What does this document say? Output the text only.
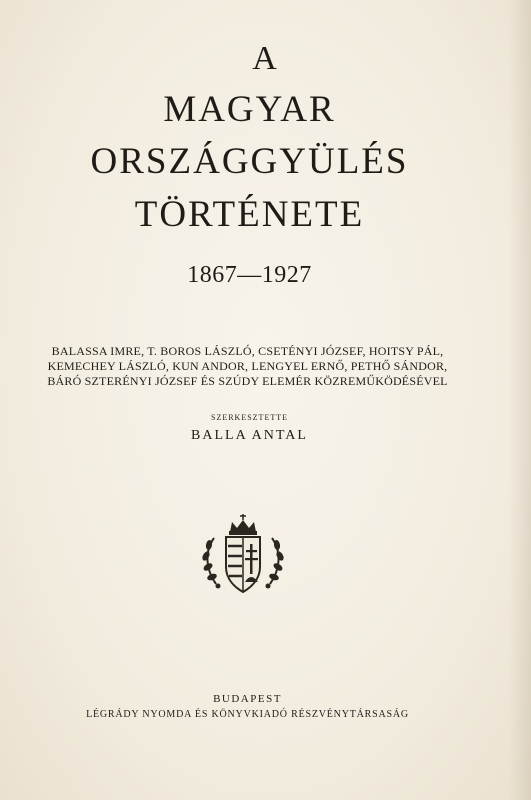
A
MAGYAR
ORSZÁGGYÜLÉS
TÖRTÉNETE
1867—1927
BALASSA IMRE, T. BOROS LÁSZLÓ, CSETÉNYI JÓZSEF, HOITSY PÁL,
KEMECHEY LÁSZLÓ, KUN ANDOR, LENGYEL ERNŐ, PETHŐ SÁNDOR,
BÁRÓ SZTERÉNYI JÓZSEF ÉS SZÚDY ELEMÉR KÖZREMŰKÖDÉSÉVEL
SZERKESZTETTE
BALLA ANTAL
BUDAPEST
LÉGRÁDY NYOMDA ÉS KÖNYVKIADÓ RÉSZVÉNYTÁRSASÁG
